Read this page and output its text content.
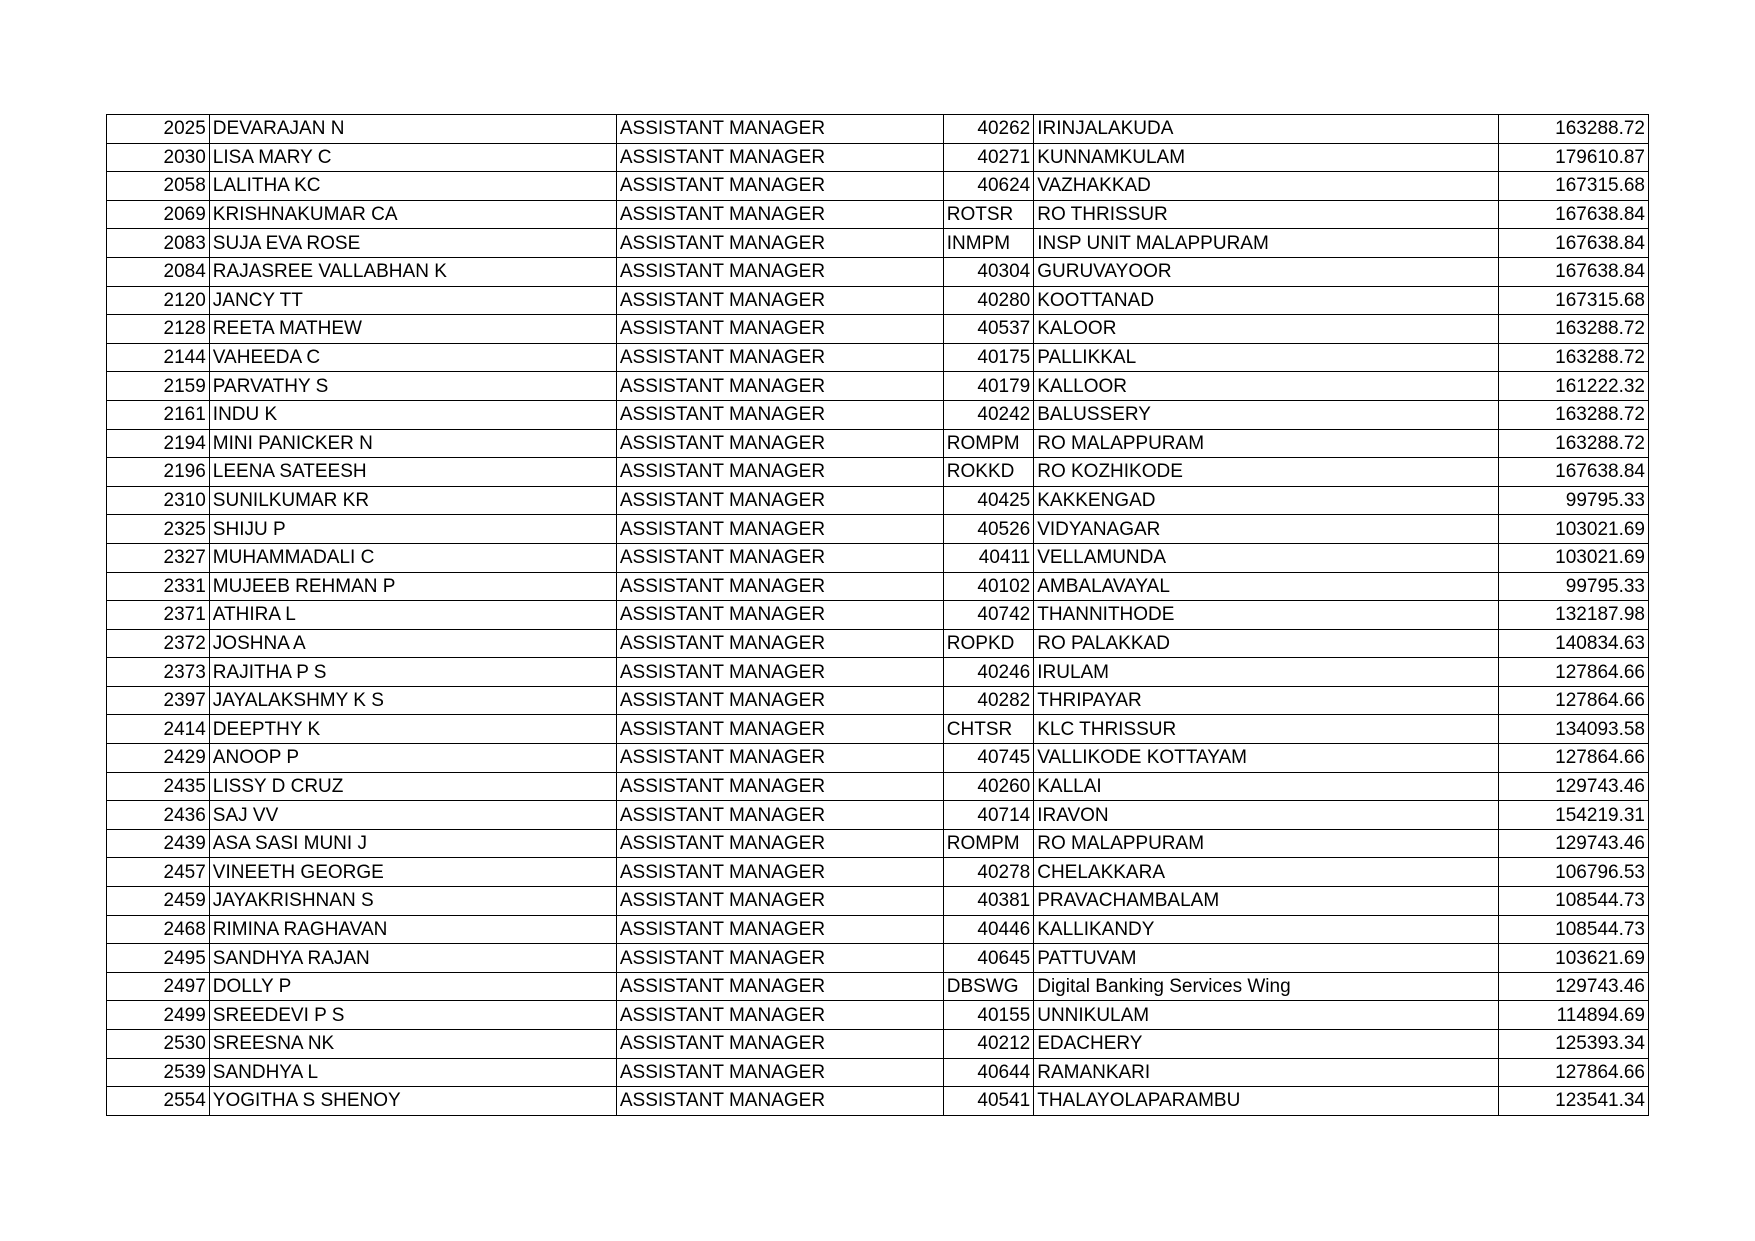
2025	DEVARAJAN N	ASSISTANT MANAGER	40262	IRINJALAKUDA	163288.72
2030	LISA MARY C	ASSISTANT MANAGER	40271	KUNNAMKULAM	179610.87
2058	LALITHA KC	ASSISTANT MANAGER	40624	VAZHAKKAD	167315.68
2069	KRISHNAKUMAR CA	ASSISTANT MANAGER	ROTSR	RO THRISSUR	167638.84
2083	SUJA EVA ROSE	ASSISTANT MANAGER	INMPM	INSP UNIT MALAPPURAM	167638.84
2084	RAJASREE VALLABHAN K	ASSISTANT MANAGER	40304	GURUVAYOOR	167638.84
2120	JANCY TT	ASSISTANT MANAGER	40280	KOOTTANAD	167315.68
2128	REETA MATHEW	ASSISTANT MANAGER	40537	KALOOR	163288.72
2144	VAHEEDA C	ASSISTANT MANAGER	40175	PALLIKKAL	163288.72
2159	PARVATHY S	ASSISTANT MANAGER	40179	KALLOOR	161222.32
2161	INDU K	ASSISTANT MANAGER	40242	BALUSSERY	163288.72
2194	MINI PANICKER N	ASSISTANT MANAGER	ROMPM	RO MALAPPURAM	163288.72
2196	LEENA SATEESH	ASSISTANT MANAGER	ROKKD	RO KOZHIKODE	167638.84
2310	SUNILKUMAR KR	ASSISTANT MANAGER	40425	KAKKENGAD	99795.33
2325	SHIJU P	ASSISTANT MANAGER	40526	VIDYANAGAR	103021.69
2327	MUHAMMADALI C	ASSISTANT MANAGER	40411	VELLAMUNDA	103021.69
2331	MUJEEB REHMAN P	ASSISTANT MANAGER	40102	AMBALAVAYAL	99795.33
2371	ATHIRA L	ASSISTANT MANAGER	40742	THANNITHODE	132187.98
2372	JOSHNA A	ASSISTANT MANAGER	ROPKD	RO PALAKKAD	140834.63
2373	RAJITHA P S	ASSISTANT MANAGER	40246	IRULAM	127864.66
2397	JAYALAKSHMY K S	ASSISTANT MANAGER	40282	THRIPAYAR	127864.66
2414	DEEPTHY K	ASSISTANT MANAGER	CHTSR	KLC THRISSUR	134093.58
2429	ANOOP P	ASSISTANT MANAGER	40745	VALLIKODE KOTTAYAM	127864.66
2435	LISSY D CRUZ	ASSISTANT MANAGER	40260	KALLAI	129743.46
2436	SAJ VV	ASSISTANT MANAGER	40714	IRAVON	154219.31
2439	ASA SASI MUNI J	ASSISTANT MANAGER	ROMPM	RO MALAPPURAM	129743.46
2457	VINEETH GEORGE	ASSISTANT MANAGER	40278	CHELAKKARA	106796.53
2459	JAYAKRISHNAN S	ASSISTANT MANAGER	40381	PRAVACHAMBALAM	108544.73
2468	RIMINA RAGHAVAN	ASSISTANT MANAGER	40446	KALLIKANDY	108544.73
2495	SANDHYA RAJAN	ASSISTANT MANAGER	40645	PATTUVAM	103621.69
2497	DOLLY P	ASSISTANT MANAGER	DBSWG	Digital Banking Services Wing	129743.46
2499	SREEDEVI P S	ASSISTANT MANAGER	40155	UNNIKULAM	114894.69
2530	SREESNA NK	ASSISTANT MANAGER	40212	EDACHERY	125393.34
2539	SANDHYA L	ASSISTANT MANAGER	40644	RAMANKARI	127864.66
2554	YOGITHA S SHENOY	ASSISTANT MANAGER	40541	THALAYOLAPARAMBU	123541.34
